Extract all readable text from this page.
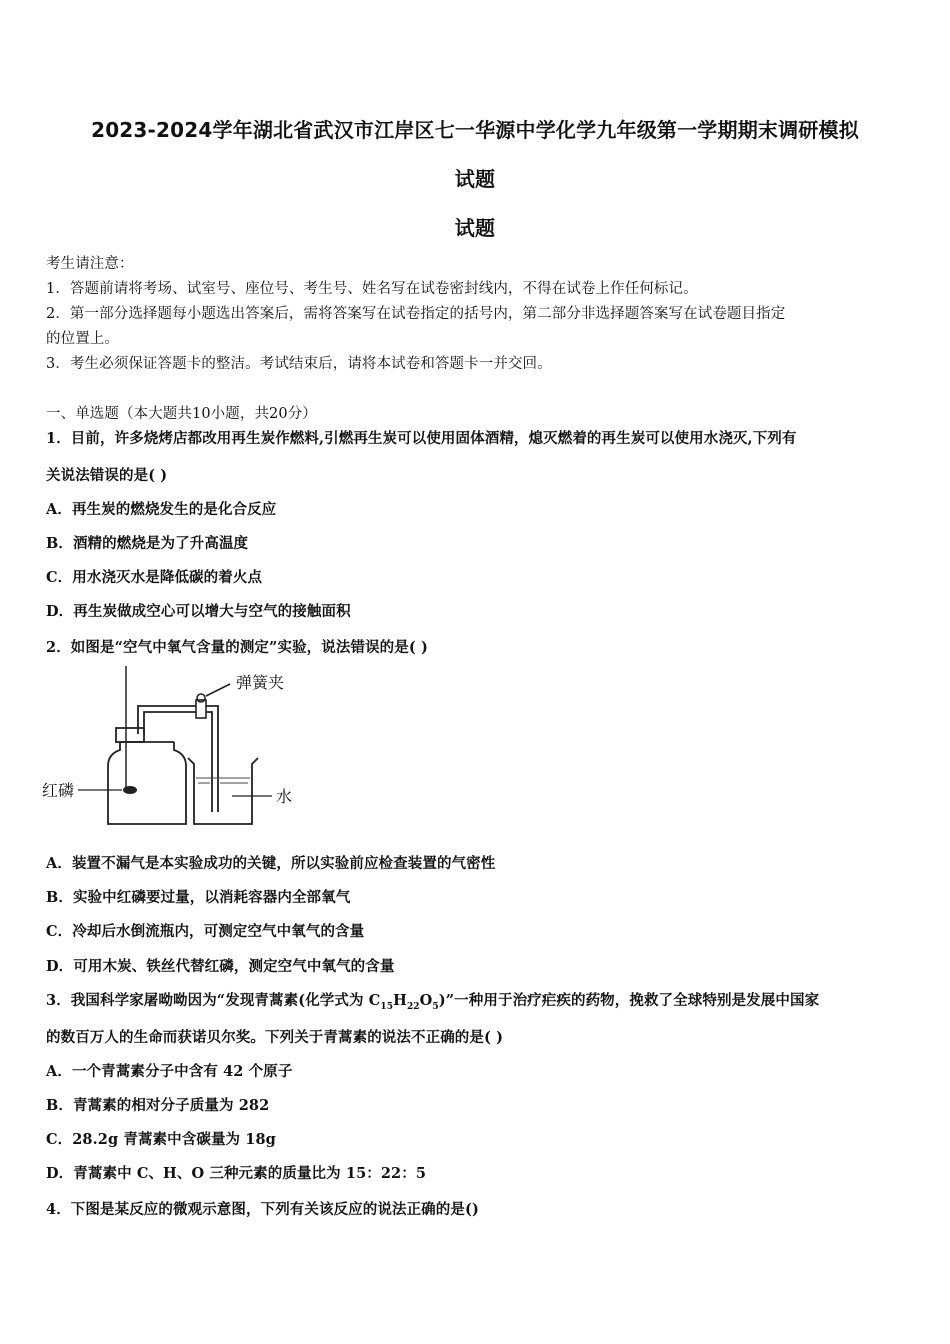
2023-2024学年湖北省武汉市江岸区七一华源中学化学九年级第一学期期末调研模拟
试题
试题
考生请注意：
1．答题前请将考场、试室号、座位号、考生号、姓名写在试卷密封线内，不得在试卷上作任何标记。
2．第一部分选择题每小题选出答案后，需将答案写在试卷指定的括号内，第二部分非选择题答案写在试卷题目指定
的位置上。
3．考生必须保证答题卡的整洁。考试结束后，请将本试卷和答题卡一并交回。
一、单选题（本大题共10小题，共20分）
1．目前，许多烧烤店都改用再生炭作燃料,引燃再生炭可以使用固体酒精，熄灭燃着的再生炭可以使用水浇灭,下列有
关说法错误的是( )
A．再生炭的燃烧发生的是化合反应
B．酒精的燃烧是为了升高温度
C．用水浇灭水是降低碳的着火点
D．再生炭做成空心可以增大与空气的接触面积
2．如图是“空气中氧气含量的测定”实验，说法错误的是( )
弹簧夹
红磷	水
A．装置不漏气是本实验成功的关键，所以实验前应检查装置的气密性
B．实验中红磷要过量，以消耗容器内全部氧气
C．冷却后水倒流瓶内，可测定空气中氧气的含量
D．可用木炭、铁丝代替红磷，测定空气中氧气的含量
3．我国科学家屠呦呦因为“发现青蒿素(化学式为 $C_{15}H_{22}O_5$)”一种用于治疗疟疾的药物，挽救了全球特别是发展中国家
的数百万人的生命而获诺贝尔奖。下列关于青蒿素的说法不正确的是( )
A．一个青蒿素分子中含有 42 个原子
B．青蒿素的相对分子质量为 282
C．28.2g 青蒿素中含碳量为 18g
D．青蒿素中 C、H、O 三种元素的质量比为 15：22：5
4．下图是某反应的微观示意图，下列有关该反应的说法正确的是()
